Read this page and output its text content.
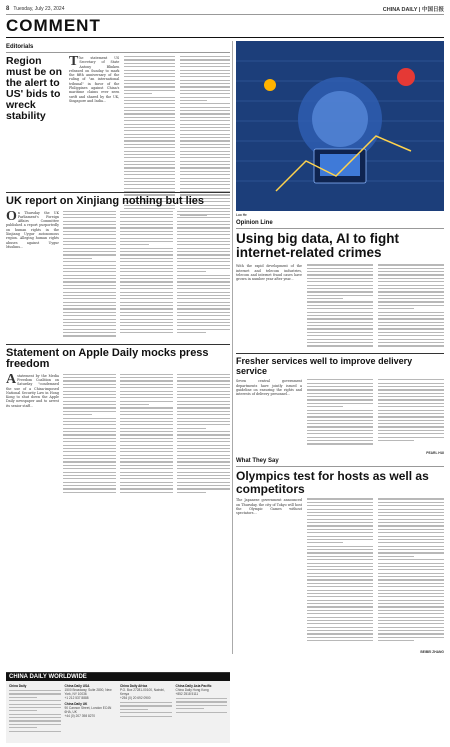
8 Tuesday, July 23, 2024	CHINA DAILY | 中国日报
COMMENT
Editorials
Region must be on the alert to US' bids to wreck stability
The statement US Secretary of State Antony Blinken released on Sunday to mark the fifth anniversary of the ruling of "an international tribunal" in favor of the Philippines against China's maritime claims ever seen swift and shared by the UK, Singapore and India...
UK report on Xinjiang nothing but lies
On Thursday the UK Parliament's Foreign Affairs Committee published a report purportedly on human rights in the Xinjiang Uygur autonomous region. Alleging human rights abuses against Uygur Muslims...
Statement on Apple Daily mocks press freedom
Astatement by the Media Freedom Coalition on Saturday "condemned the use of a China-imposed National Security Law in Hong Kong to shut down the Apple Daily newspaper and to arrest its senior staff...
Luo He
Opinion Line
Using big data, AI to fight internet-related crimes
With the rapid development of the internet and telecom industries, telecom and internet fraud cases have grown in number year after year...
Fresher services well to improve delivery service
Seven central government departments have jointly issued a guideline on ensuring the rights and interests of delivery personnel...
PEARL HUI
What They Say
Olympics test for hosts as well as competitors
The Japanese government announced on Thursday, the city of Tokyo will host the Olympic Games without spectators...
BEIBEI ZHANG
CHINA DAILY WORLDWIDE
China Daily	China Daily USA
1500 Broadway, Suite 2800, New York, NY 10036
+1 212 537 8888
China Daily UK
90 Cannon Street, London EC4N 6HA, UK
+44 (0) 207 398 8270
China Daily Africa
P.O. Box 27281-00100, Nairobi, Kenya
+254 (0) 20 692 0900
China Daily Asia Pacific
China Daily Hong Kong
+852 2518 5111
